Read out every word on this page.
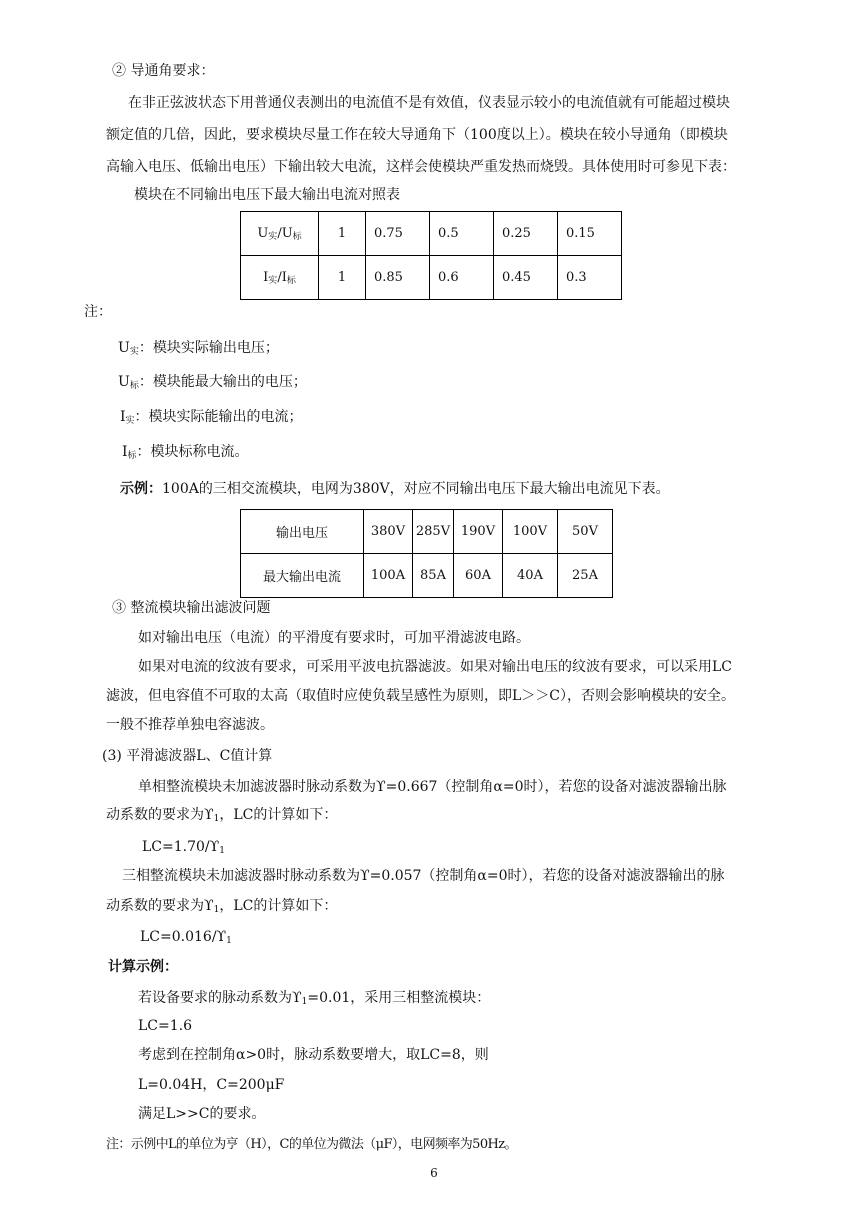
② 导通角要求：
在非正弦波状态下用普通仪表测出的电流值不是有效值，仪表显示较小的电流值就有可能超过模块
额定值的几倍，因此，要求模块尽量工作在较大导通角下（100度以上）。模块在较小导通角（即模块
高输入电压、低输出电压）下输出较大电流，这样会使模块严重发热而烧毁。具体使用时可参见下表：
模块在不同输出电压下最大输出电流对照表
$U_实/U_标$	1	0.75	0.5	0.25	0.15
$I_实/I_标$	1	0.85	0.6	0.45	0.3
注：
$U_实$：模块实际输出电压；
$U_标$：模块能最大输出的电压；
$I_实$：模块实际能输出的电流；
$I_标$：模块标称电流。
示例：100A的三相交流模块，电网为380V，对应不同输出电压下最大输出电流见下表。
输出电压	380V	285V	190V	100V	50V
最大输出电流	100A	85A	60A	40A	25A
③ 整流模块输出滤波问题
如对输出电压（电流）的平滑度有要求时，可加平滑滤波电路。
如果对电流的纹波有要求，可采用平波电抗器滤波。如果对输出电压的纹波有要求，可以采用LC
滤波，但电容值不可取的太高（取值时应使负载呈感性为原则，即L＞＞C），否则会影响模块的安全。
一般不推荐单独电容滤波。
(3) 平滑滤波器L、C值计算
单相整流模块未加滤波器时脉动系数为ϒ=0.667（控制角α=0时），若您的设备对滤波器输出脉
动系数的要求为$ϒ_1$，LC的计算如下：
$LC=1.70/ϒ_1$
三相整流模块未加滤波器时脉动系数为ϒ=0.057（控制角α=0时），若您的设备对滤波器输出的脉
动系数的要求为$ϒ_1$，LC的计算如下：
$LC=0.016/ϒ_1$
计算示例：
若设备要求的脉动系数为$ϒ_1=0.01$，采用三相整流模块：
LC=1.6
考虑到在控制角α>0时，脉动系数要增大，取LC=8，则
L=0.04H，C=200μF
满足L>>C的要求。
注：示例中L的单位为亨（H），C的单位为微法（μF），电网频率为50Hz。
6
